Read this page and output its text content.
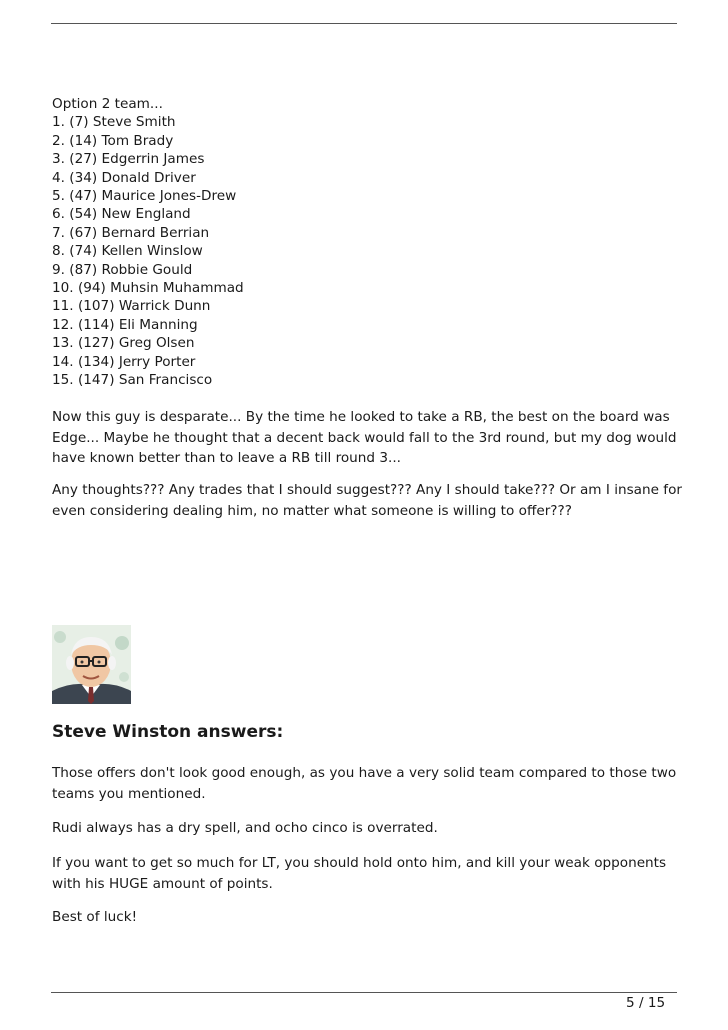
Option 2 team...
1. (7) Steve Smith
2. (14) Tom Brady
3. (27) Edgerrin James
4. (34) Donald Driver
5. (47) Maurice Jones-Drew
6. (54) New England
7. (67) Bernard Berrian
8. (74) Kellen Winslow
9. (87) Robbie Gould
10. (94) Muhsin Muhammad
11. (107) Warrick Dunn
12. (114) Eli Manning
13. (127) Greg Olsen
14. (134) Jerry Porter
15. (147) San Francisco

Now this guy is desparate... By the time he looked to take a RB, the best on the board was Edge... Maybe he thought that a decent back would fall to the 3rd round, but my dog would have known better than to leave a RB till round 3...

Any thoughts??? Any trades that I should suggest??? Any I should take??? Or am I insane for even considering dealing him, no matter what someone is willing to offer???

Steve Winston answers:

Those offers don't look good enough, as you have a very solid team compared to those two teams you mentioned.

Rudi always has a dry spell, and ocho cinco is overrated.

If you want to get so much for LT, you should hold onto him, and kill your weak opponents with his HUGE amount of points.

Best of luck!

5 / 15
